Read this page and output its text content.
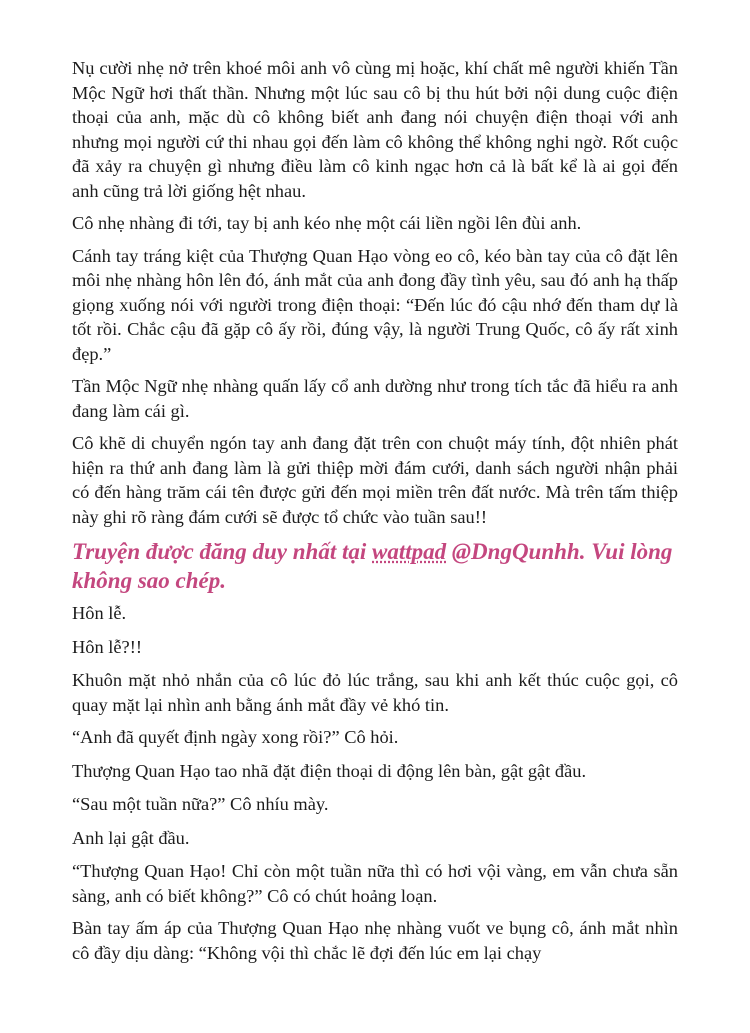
Nụ cười nhẹ nở trên khoé môi anh vô cùng mị hoặc, khí chất mê người khiến Tần Mộc Ngữ hơi thất thần. Nhưng một lúc sau cô bị thu hút bởi nội dung cuộc điện thoại của anh, mặc dù cô không biết anh đang nói chuyện điện thoại với anh nhưng mọi người cứ thi nhau gọi đến làm cô không thể không nghi ngờ. Rốt cuộc đã xảy ra chuyện gì nhưng điều làm cô kinh ngạc hơn cả là bất kể là ai gọi đến anh cũng trả lời giống hệt nhau.

Cô nhẹ nhàng đi tới, tay bị anh kéo nhẹ một cái liền ngồi lên đùi anh.

Cánh tay tráng kiệt của Thượng Quan Hạo vòng eo cô, kéo bàn tay của cô đặt lên môi nhẹ nhàng hôn lên đó, ánh mắt của anh đong đầy tình yêu, sau đó anh hạ thấp giọng xuống nói với người trong điện thoại: “Đến lúc đó cậu nhớ đến tham dự là tốt rồi. Chắc cậu đã gặp cô ấy rồi, đúng vậy, là người Trung Quốc, cô ấy rất xinh đẹp.”

Tần Mộc Ngữ nhẹ nhàng quấn lấy cổ anh dường như trong tích tắc đã hiểu ra anh đang làm cái gì.

Cô khẽ di chuyển ngón tay anh đang đặt trên con chuột máy tính, đột nhiên phát hiện ra thứ anh đang làm là gửi thiệp mời đám cưới, danh sách người nhận phải có đến hàng trăm cái tên được gửi đến mọi miền trên đất nước. Mà trên tấm thiệp này ghi rõ ràng đám cưới sẽ được tổ chức vào tuần sau!!

Truyện được đăng duy nhất tại wattpad @DngQunhh. Vui lòng không sao chép.

Hôn lễ.

Hôn lễ?!!

Khuôn mặt nhỏ nhắn của cô lúc đỏ lúc trắng, sau khi anh kết thúc cuộc gọi, cô quay mặt lại nhìn anh bằng ánh mắt đầy vẻ khó tin.

“Anh đã quyết định ngày xong rồi?” Cô hỏi.

Thượng Quan Hạo tao nhã đặt điện thoại di động lên bàn, gật gật đầu.

“Sau một tuần nữa?” Cô nhíu mày.

Anh lại gật đầu.

“Thượng Quan Hạo! Chỉ còn một tuần nữa thì có hơi vội vàng, em vẫn chưa sẵn sàng, anh có biết không?” Cô có chút hoảng loạn.

Bàn tay ấm áp của Thượng Quan Hạo nhẹ nhàng vuốt ve bụng cô, ánh mắt nhìn cô đầy dịu dàng: “Không vội thì chắc lẽ đợi đến lúc em lại chạy
